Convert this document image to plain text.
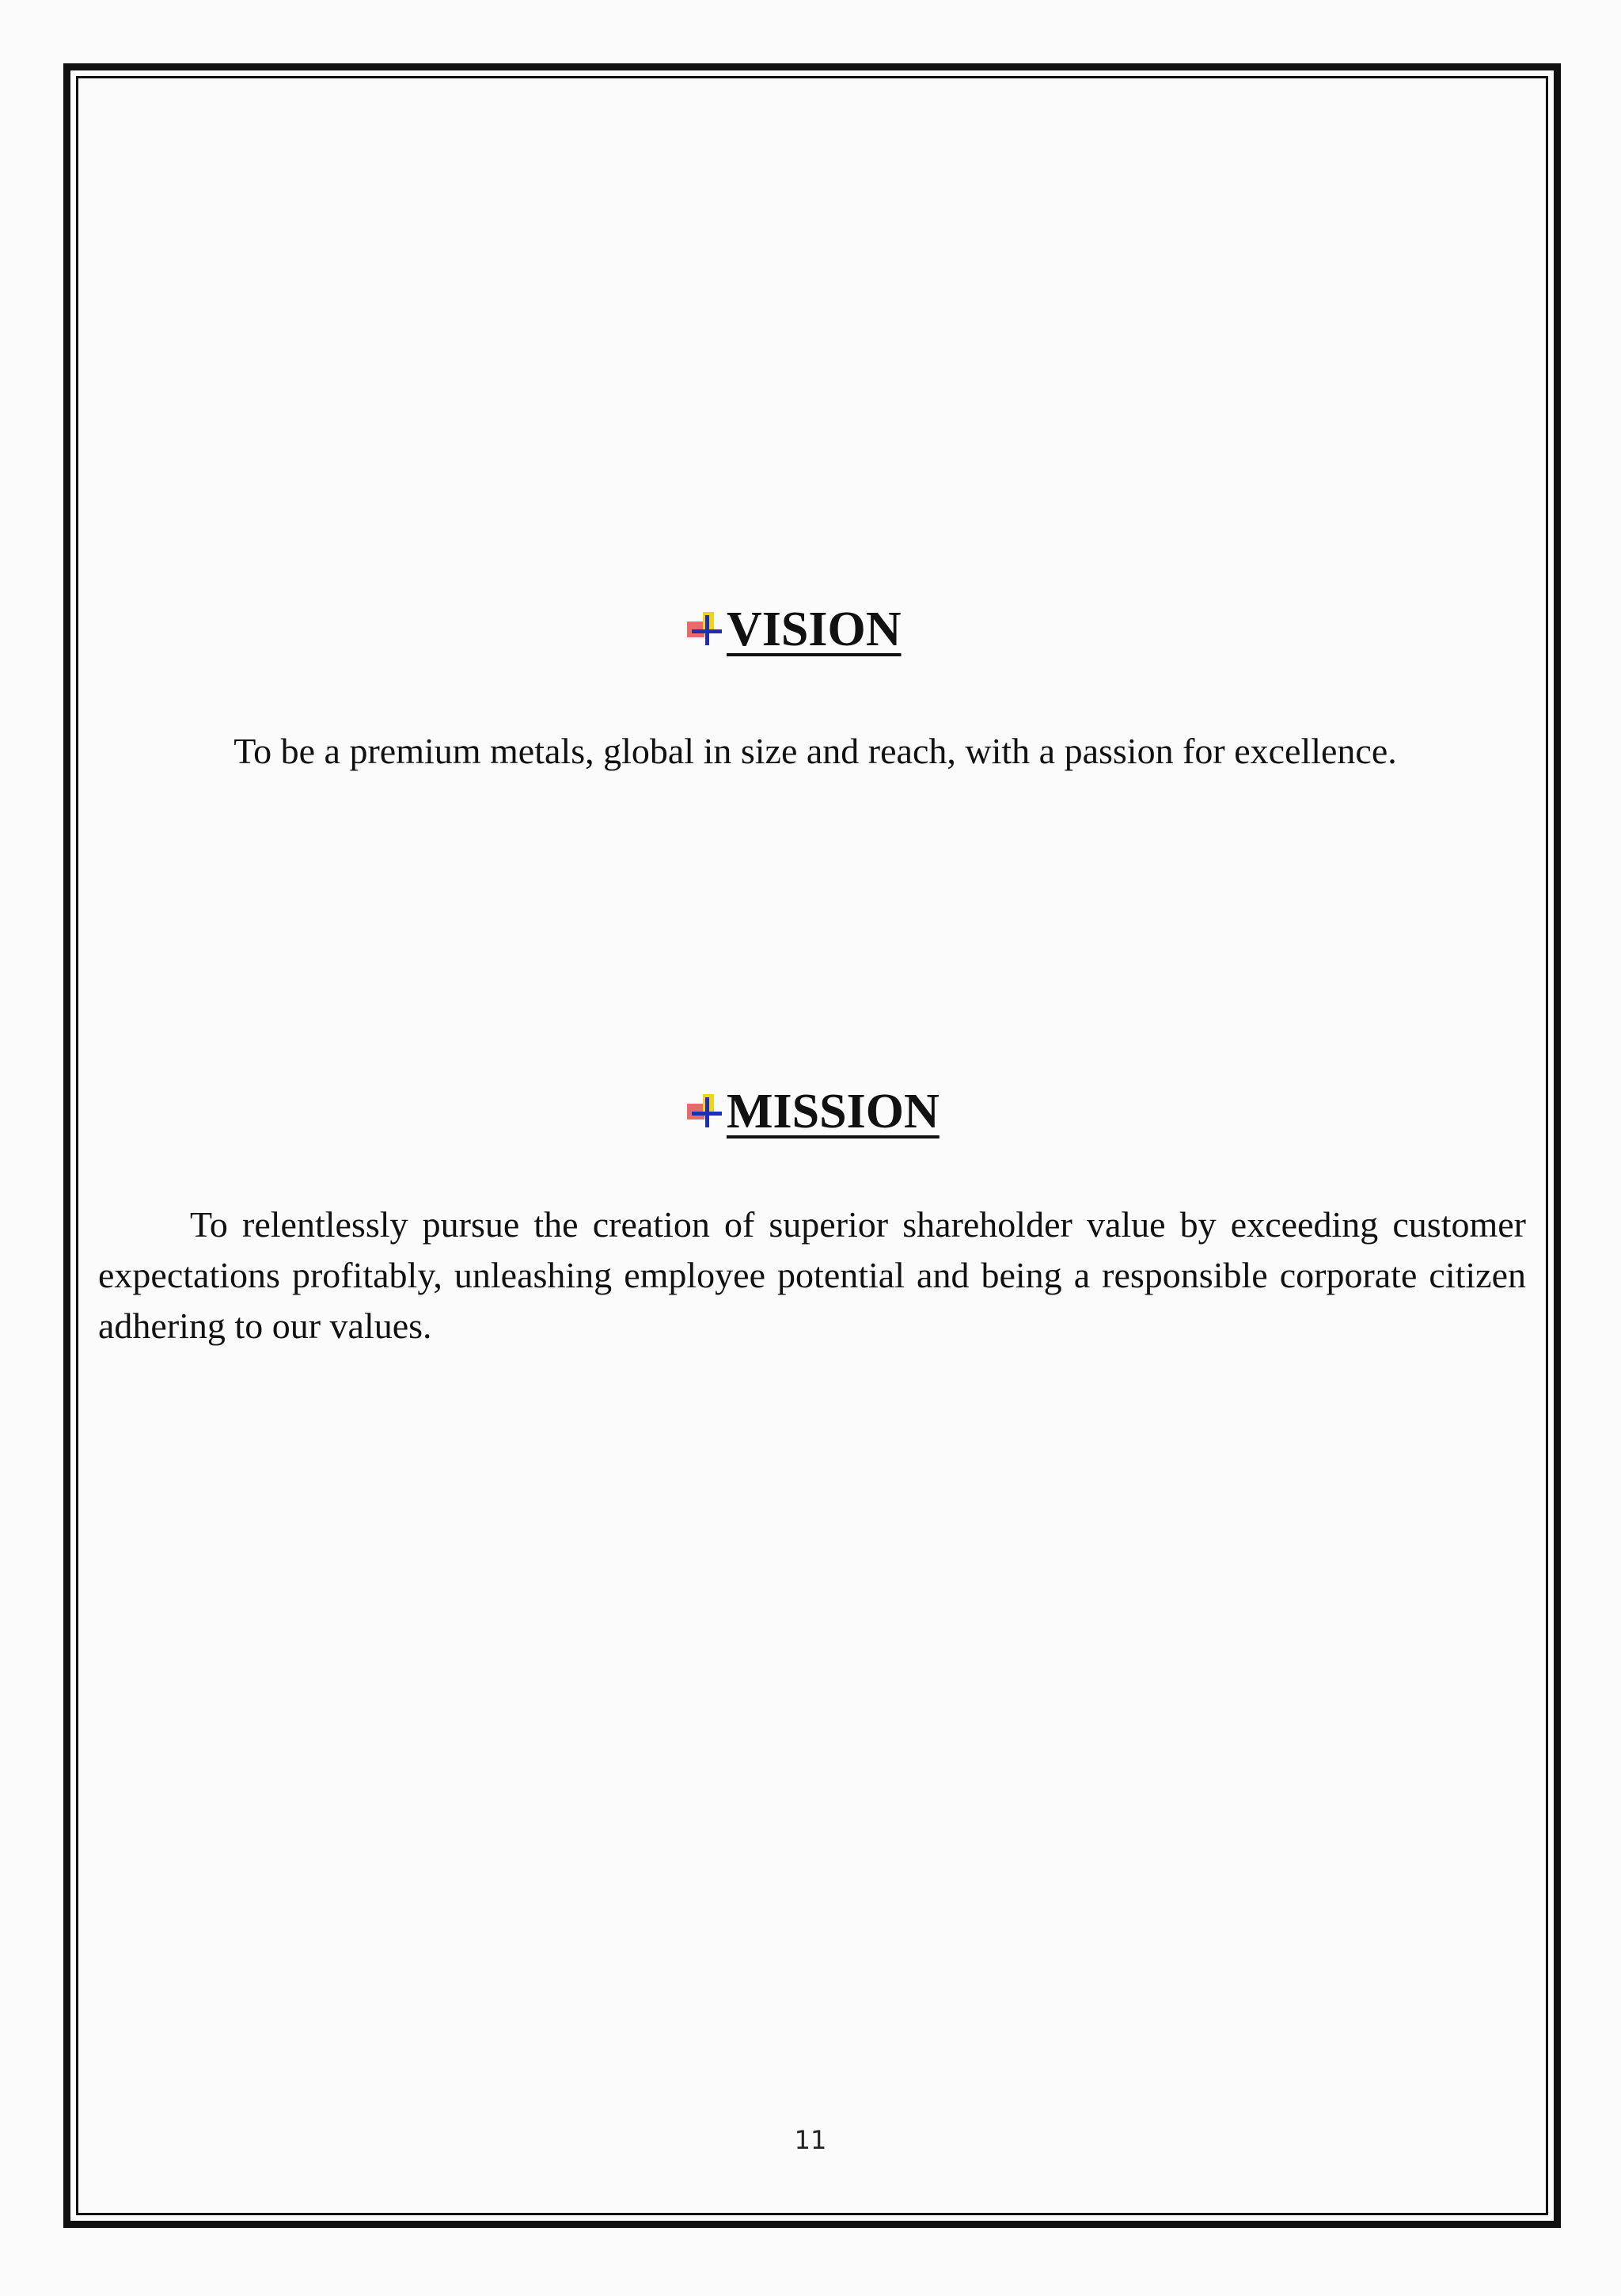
VISION
To be a premium metals, global in size and reach, with a passion for excellence.
MISSION

To relentlessly pursue the creation of superior shareholder value by exceeding customer expectations profitably, unleashing employee potential and being a responsible corporate citizen adhering to our values.

11
